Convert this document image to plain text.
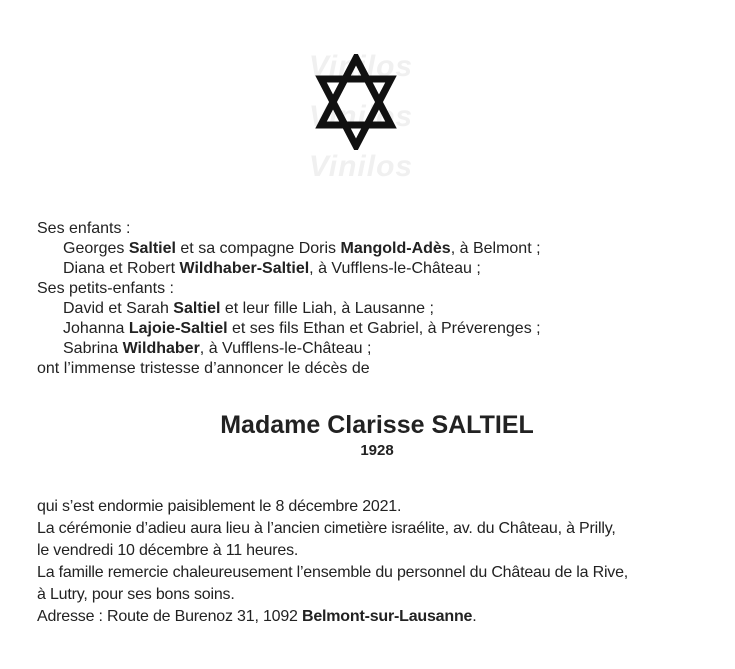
Vinilos
Vinilos
Vinilos
Ses enfants :
Georges Saltiel et sa compagne Doris Mangold-Adès, à Belmont ;
Diana et Robert Wildhaber-Saltiel, à Vufflens-le-Château ;
Ses petits-enfants :
David et Sarah Saltiel et leur fille Liah, à Lausanne ;
Johanna Lajoie-Saltiel et ses fils Ethan et Gabriel, à Préverenges ;
Sabrina Wildhaber, à Vufflens-le-Château ;
ont l’immense tristesse d’annoncer le décès de
Madame Clarisse SALTIEL
1928
qui s’est endormie paisiblement le 8 décembre 2021.
La cérémonie d’adieu aura lieu à l’ancien cimetière israélite, av. du Château, à Prilly,
le vendredi 10 décembre à 11 heures.
La famille remercie chaleureusement l’ensemble du personnel du Château de la Rive,
à Lutry, pour ses bons soins.
Adresse : Route de Burenoz 31, 1092 Belmont-sur-Lausanne.
